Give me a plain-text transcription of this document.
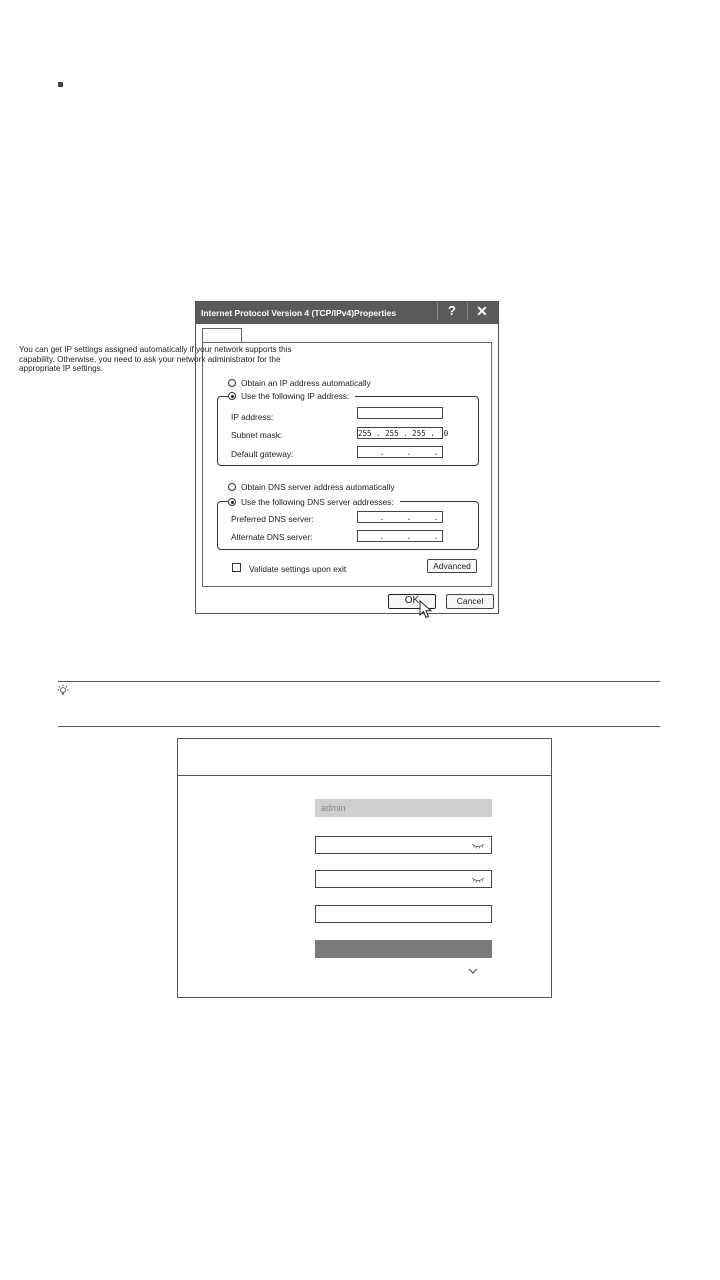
Internet Protocol Version 4 (TCP/IPv4)Properties	?	✕
You can get IP settings assigned automatically if your network supports this capability. Otherwise, you need to ask your network administrator for the appropriate IP settings.
Obtain an IP address automatically
Use the following IP address:
IP address:
Subnet mask:	255 . 255 . 255 .  0
Default gateway:	.     .     .
Obtain DNS server address automatically
Use the following DNS server addresses:
Preferred DNS server:	.     .     .
Alternate DNS server:	.     .     .
Validate settings upon exit	Advanced
OK	Cancel
admin
